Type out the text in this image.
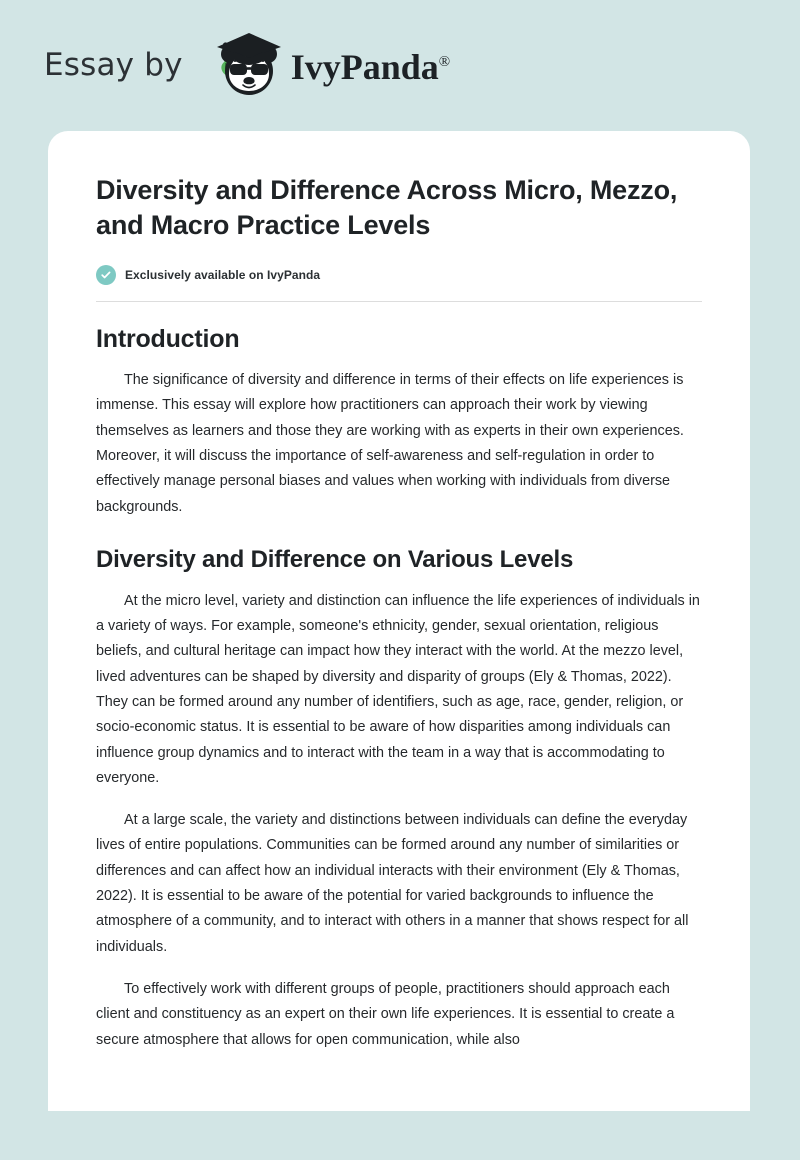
Essay by	IvyPanda®
Diversity and Difference Across Micro, Mezzo, and Macro Practice Levels
Exclusively available on IvyPanda
Introduction

The significance of diversity and difference in terms of their effects on life experiences is immense. This essay will explore how practitioners can approach their work by viewing themselves as learners and those they are working with as experts in their own experiences. Moreover, it will discuss the importance of self-awareness and self-regulation in order to effectively manage personal biases and values when working with individuals from diverse backgrounds.

Diversity and Difference on Various Levels

At the micro level, variety and distinction can influence the life experiences of individuals in a variety of ways. For example, someone's ethnicity, gender, sexual orientation, religious beliefs, and cultural heritage can impact how they interact with the world. At the mezzo level, lived adventures can be shaped by diversity and disparity of groups (Ely & Thomas, 2022). They can be formed around any number of identifiers, such as age, race, gender, religion, or socio-economic status. It is essential to be aware of how disparities among individuals can influence group dynamics and to interact with the team in a way that is accommodating to everyone.

At a large scale, the variety and distinctions between individuals can define the everyday lives of entire populations. Communities can be formed around any number of similarities or differences and can affect how an individual interacts with their environment (Ely & Thomas, 2022). It is essential to be aware of the potential for varied backgrounds to influence the atmosphere of a community, and to interact with others in a manner that shows respect for all individuals.

To effectively work with different groups of people, practitioners should approach each client and constituency as an expert on their own life experiences. It is essential to create a secure atmosphere that allows for open communication, while also
